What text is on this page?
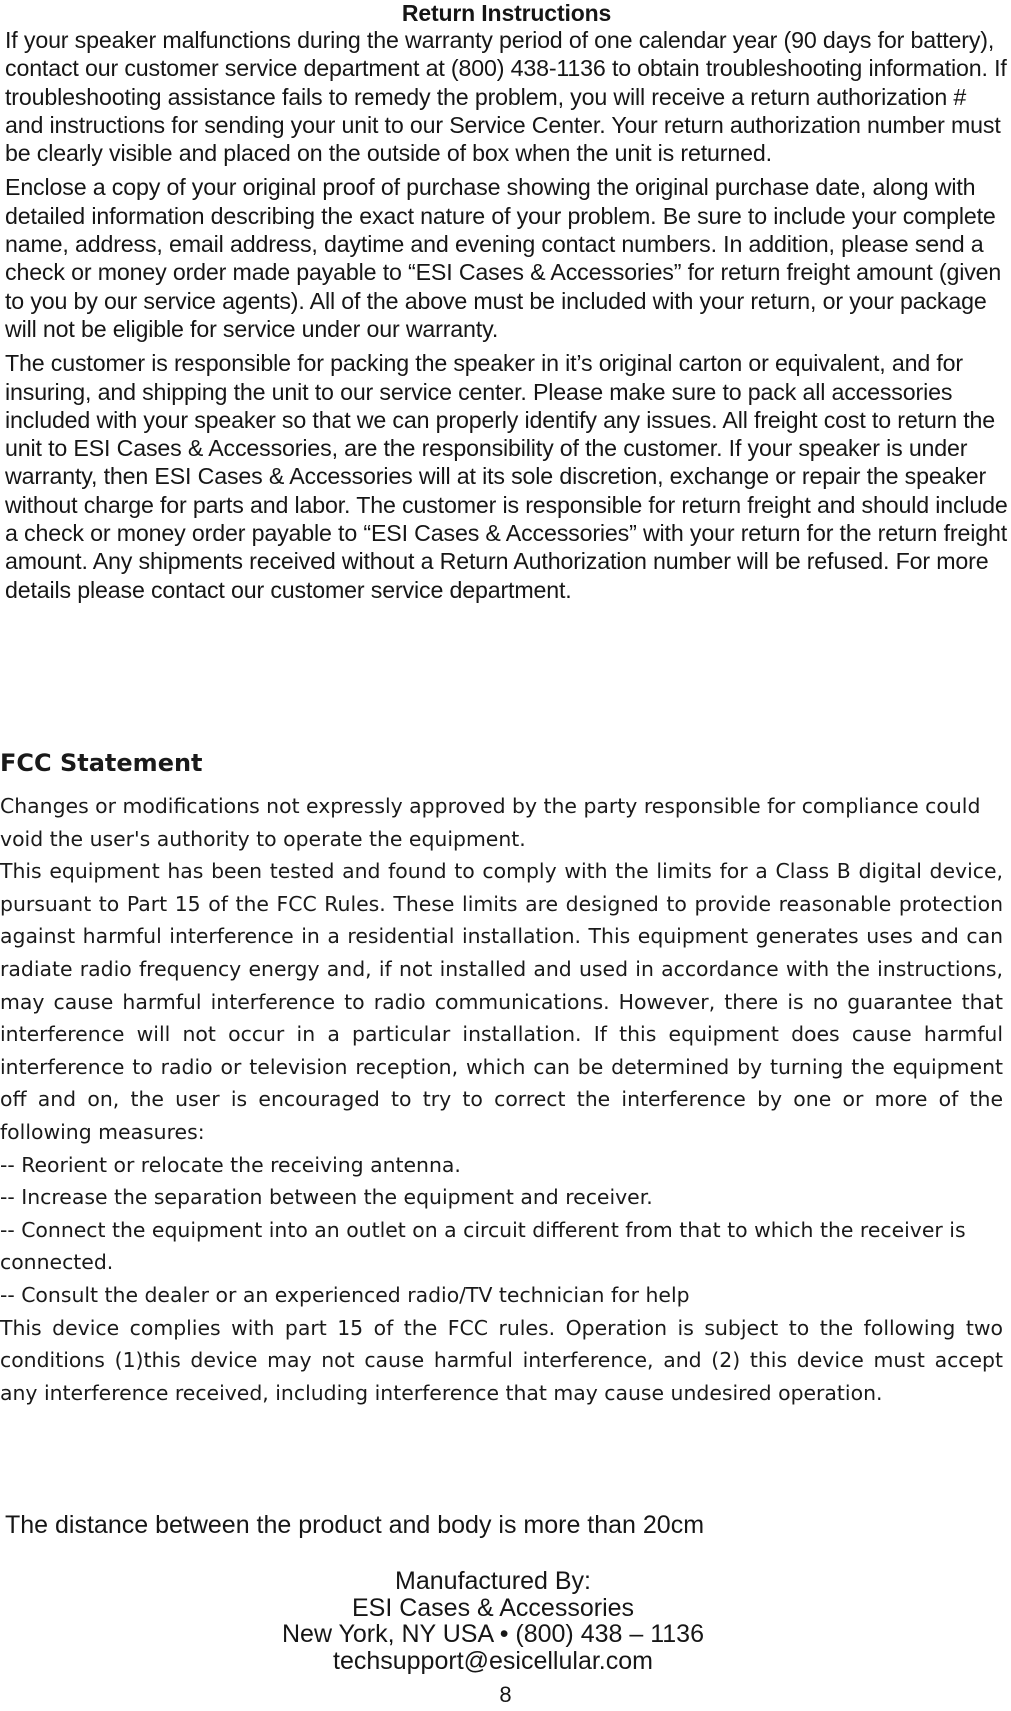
Return Instructions

If your speaker malfunctions during the warranty period of one calendar year (90 days for battery), contact our customer service department at (800) 438-1136 to obtain troubleshooting information. If troubleshooting assistance fails to remedy the problem, you will receive a return authorization # and instructions for sending your unit to our Service Center. Your return authorization number must be clearly visible and placed on the outside of box when the unit is returned.

Enclose a copy of your original proof of purchase showing the original purchase date, along with detailed information describing the exact nature of your problem. Be sure to include your complete name, address, email address, daytime and evening contact numbers. In addition, please send a check or money order made payable to “ESI Cases & Accessories” for return freight amount (given to you by our service agents). All of the above must be included with your return, or your package will not be eligible for service under our warranty.

The customer is responsible for packing the speaker in it’s original carton or equivalent, and for insuring, and shipping the unit to our service center. Please make sure to pack all accessories included with your speaker so that we can properly identify any issues. All freight cost to return the unit to ESI Cases & Accessories, are the responsibility of the customer. If your speaker is under warranty, then ESI Cases & Accessories will at its sole discretion, exchange or repair the speaker without charge for parts and labor. The customer is responsible for return freight and should include a check or money order payable to “ESI Cases & Accessories” with your return for the return freight amount. Any shipments received without a Return Authorization number will be refused. For more details please contact our customer service department.

FCC Statement

Changes or modifications not expressly approved by the party responsible for compliance could void the user's authority to operate the equipment.

This equipment has been tested and found to comply with the limits for a Class B digital device, pursuant to Part 15 of the FCC Rules. These limits are designed to provide reasonable protection against harmful interference in a residential installation. This equipment generates uses and can radiate radio frequency energy and, if not installed and used in accordance with the instructions, may cause harmful interference to radio communications. However, there is no guarantee that interference will not occur in a particular installation. If this equipment does cause harmful interference to radio or television reception, which can be determined by turning the equipment off and on, the user is encouraged to try to correct the interference by one or more of the following measures:

-- Reorient or relocate the receiving antenna.

-- Increase the separation between the equipment and receiver.

-- Connect the equipment into an outlet on a circuit different from that to which the receiver is connected.

-- Consult the dealer or an experienced radio/TV technician for help

This device complies with part 15 of the FCC rules. Operation is subject to the following two conditions (1)this device may not cause harmful interference, and (2) this device must accept any interference received, including interference that may cause undesired operation.

The distance between the product and body is more than 20cm
Manufactured By:
ESI Cases & Accessories
New York, NY USA • (800) 438 – 1136
techsupport@esicellular.com
8
